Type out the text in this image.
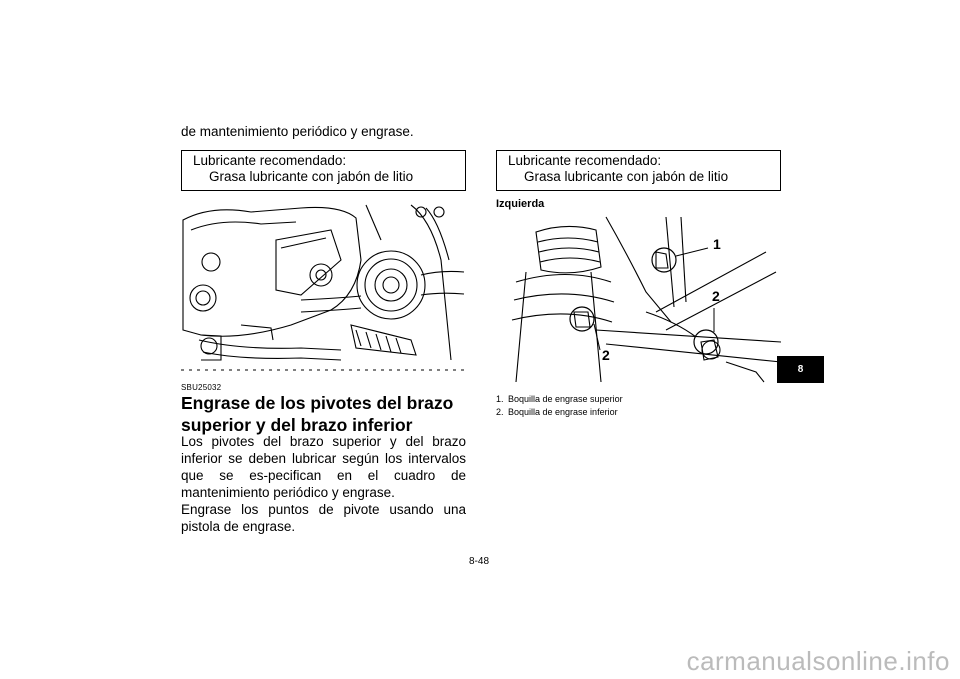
de mantenimiento periódico y engrase.
Lubricante recomendado:
Grasa lubricante con jabón de litio
Lubricante recomendado:
Grasa lubricante con jabón de litio
SBU25032
Engrase de los pivotes del brazo superior y del brazo inferior

Los pivotes del brazo superior y del brazo inferior se deben lubricar según los intervalos que se es-pecifican en el cuadro de mantenimiento periódico y engrase.

Engrase los puntos de pivote usando una pistola de engrase.

Izquierda
1
2
2
1. Boquilla de engrase superior
2. Boquilla de engrase inferior
8-48
8
carmanualsonline.info
